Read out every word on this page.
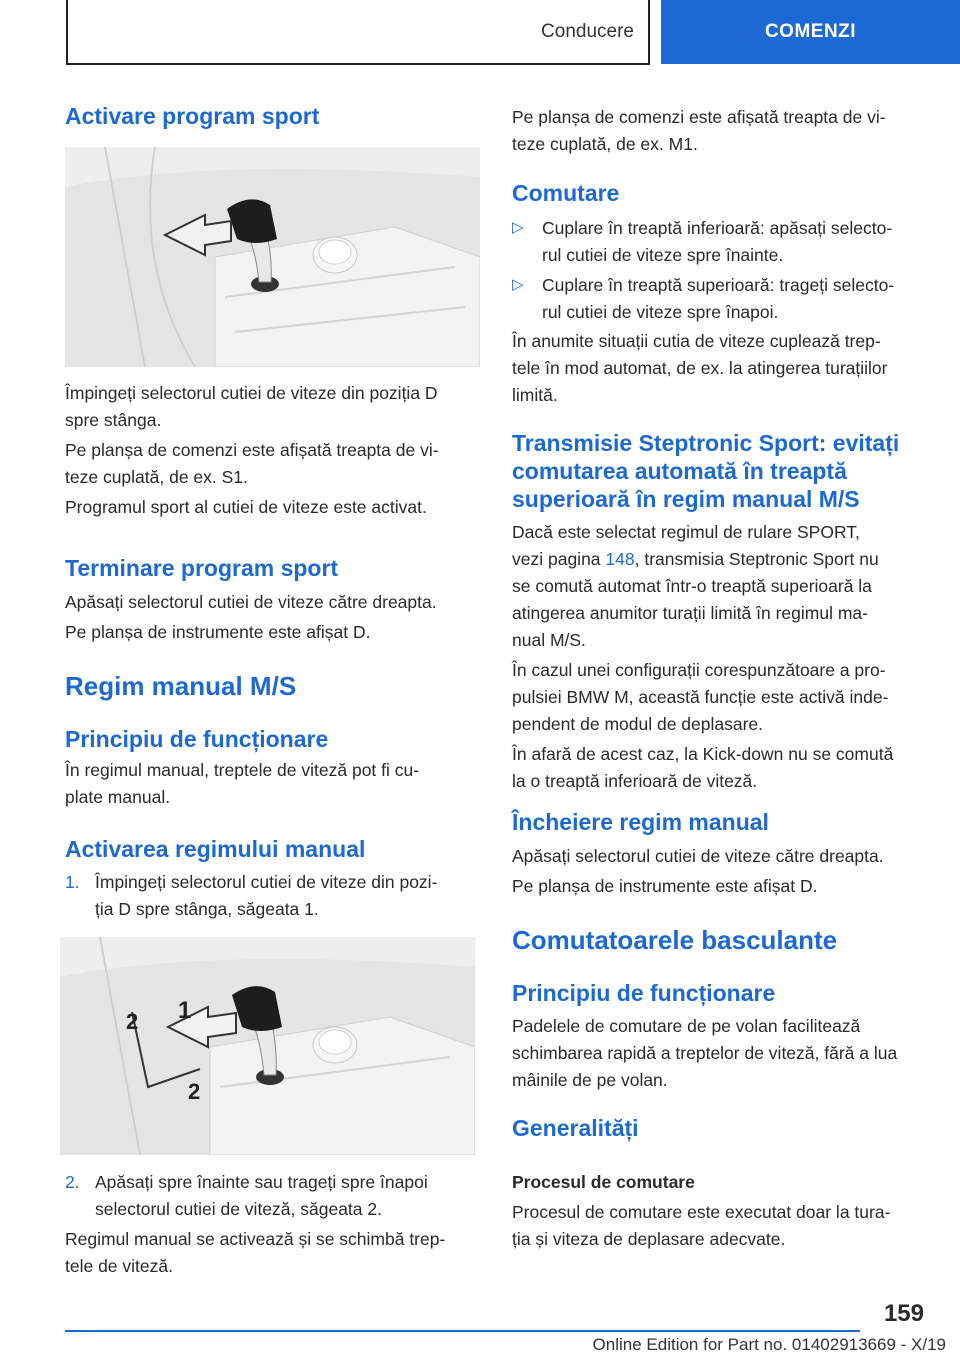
Conducere	COMENZI
Activare program sport
Împingeți selectorul cutiei de viteze din poziția D
spre stânga.
Pe planșa de comenzi este afișată treapta de vi-
teze cuplată, de ex. S1.
Programul sport al cutiei de viteze este activat.
Terminare program sport
Apăsați selectorul cutiei de viteze către dreapta.
Pe planșa de instrumente este afișat D.
Regim manual M/S
Principiu de funcționare
În regimul manual, treptele de viteză pot fi cu-
plate manual.
Activarea regimului manual
1. Împingeți selectorul cutiei de viteze din pozi-
ția D spre stânga, săgeata 1.
1
2
2
2. Apăsați spre înainte sau trageți spre înapoi
selectorul cutiei de viteză, săgeata 2.
Regimul manual se activează și se schimbă trep-
tele de viteză.
Pe planșa de comenzi este afișată treapta de vi-
teze cuplată, de ex. M1.
Comutare
▷ Cuplare în treaptă inferioară: apăsați selecto-
rul cutiei de viteze spre înainte.
▷ Cuplare în treaptă superioară: trageți selecto-
rul cutiei de viteze spre înapoi.
În anumite situații cutia de viteze cuplează trep-
tele în mod automat, de ex. la atingerea turațiilor
limită.
Transmisie Steptronic Sport: evitați
comutarea automată în treaptă
superioară în regim manual M/S
Dacă este selectat regimul de rulare SPORT,
vezi pagina 148, transmisia Steptronic Sport nu
se comută automat într-o treaptă superioară la
atingerea anumitor turații limită în regimul ma-
nual M/S.
În cazul unei configurații corespunzătoare a pro-
pulsiei BMW M, această funcție este activă inde-
pendent de modul de deplasare.
În afară de acest caz, la Kick-down nu se comută
la o treaptă inferioară de viteză.
Încheiere regim manual
Apăsați selectorul cutiei de viteze către dreapta.
Pe planșa de instrumente este afișat D.
Comutatoarele basculante
Principiu de funcționare
Padelele de comutare de pe volan facilitează
schimbarea rapidă a treptelor de viteză, fără a lua
mâinile de pe volan.
Generalități
Procesul de comutare
Procesul de comutare este executat doar la tura-
ția și viteza de deplasare adecvate.
159
Online Edition for Part no. 01402913669 - X/19
